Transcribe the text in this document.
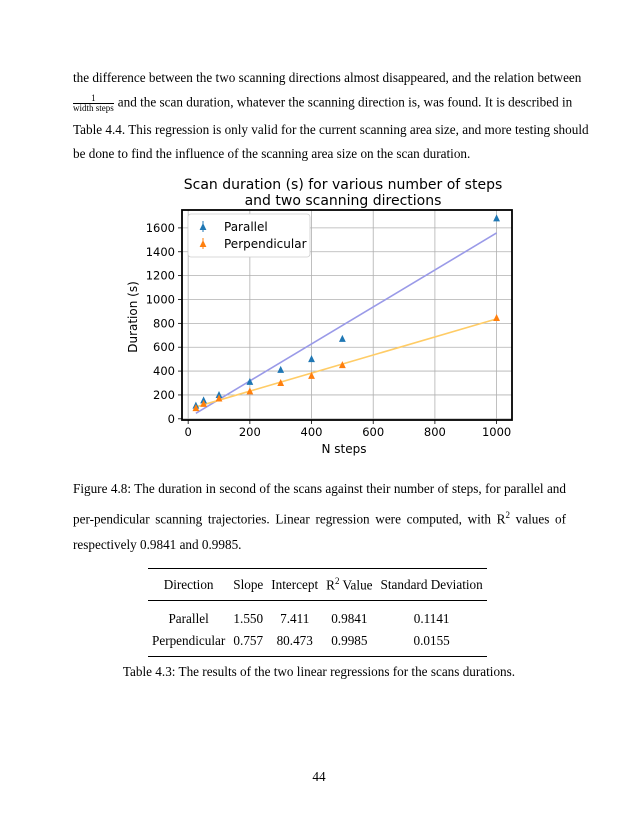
the difference between the two scanning directions almost disappeared, and the relation between
$\frac{1}{\text{width steps}}$ and the scan duration, whatever the scanning direction is, was found. It is described in
Table 4.4. This regression is only valid for the current scanning area size, and more testing should
be done to find the influence of the scanning area size on the scan duration.
Scan duration (s) for various number of steps
and two scanning directions
0	200	400	600	800	1000
0
200
400
600
800
1000
1200
1400
1600	Parallel
Perpendicular
N steps
Duration (s)
Figure 4.8: The duration in second of the scans against their number of steps, for parallel and per-pendicular scanning trajectories. Linear regression were computed, with $R^2$ values of respectively 0.9841 and 0.9985.
Direction	Slope	Intercept	$R^2$ Value	Standard Deviation
Parallel	1.550	7.411	0.9841	0.1141
Perpendicular	0.757	80.473	0.9985	0.0155
Table 4.3: The results of the two linear regressions for the scans durations.
44
